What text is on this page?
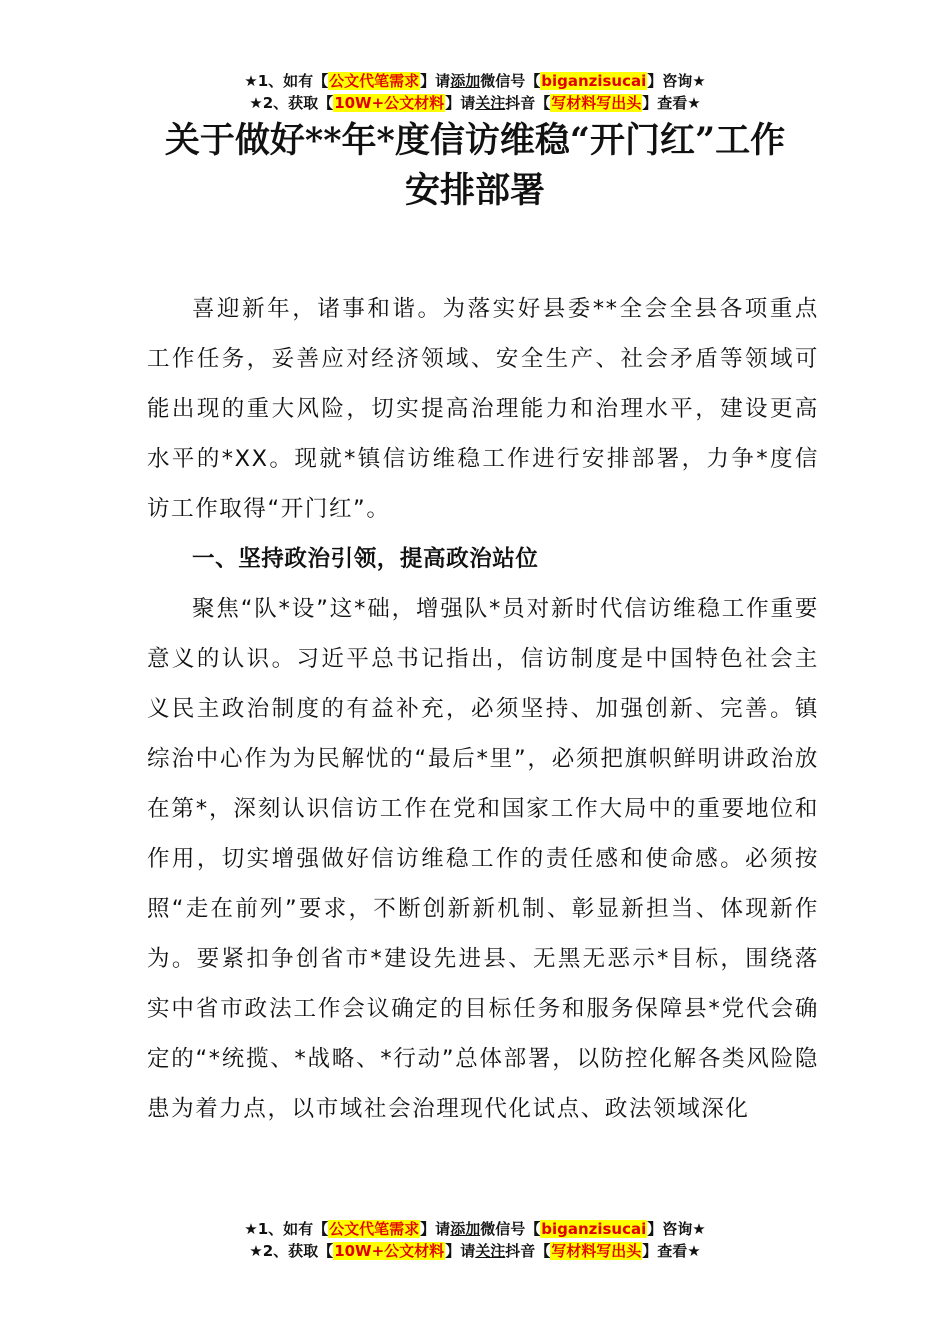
★1、如有【公文代笔需求】请添加微信号【biganzisucai】咨询★
★2、获取【10W+公文材料】请关注抖音【写材料写出头】查看★
关于做好**年*度信访维稳“开门红”工作
安排部署

喜迎新年，诸事和谐。为落实好县委**全会全县各项重点工作任务，妥善应对经济领域、安全生产、社会矛盾等领域可能出现的重大风险，切实提高治理能力和治理水平，建设更高水平的*XX。现就*镇信访维稳工作进行安排部署，力争*度信访工作取得“开门红”。

一、坚持政治引领，提高政治站位

聚焦“队*设”这*础，增强队*员对新时代信访维稳工作重要意义的认识。习近平总书记指出，信访制度是中国特色社会主义民主政治制度的有益补充，必须坚持、加强创新、完善。镇综治中心作为为民解忧的“最后*里”，必须把旗帜鲜明讲政治放在第*，深刻认识信访工作在党和国家工作大局中的重要地位和作用，切实增强做好信访维稳工作的责任感和使命感。必须按照“走在前列”要求，不断创新新机制、彰显新担当、体现新作为。要紧扣争创省市*建设先进县、无黑无恶示*目标，围绕落实中省市政法工作会议确定的目标任务和服务保障县*党代会确定的“*统揽、*战略、*行动”总体部署，以防控化解各类风险隐患为着力点，以市域社会治理现代化试点、政法领域深化

★1、如有【公文代笔需求】请添加微信号【biganzisucai】咨询★
★2、获取【10W+公文材料】请关注抖音【写材料写出头】查看★
